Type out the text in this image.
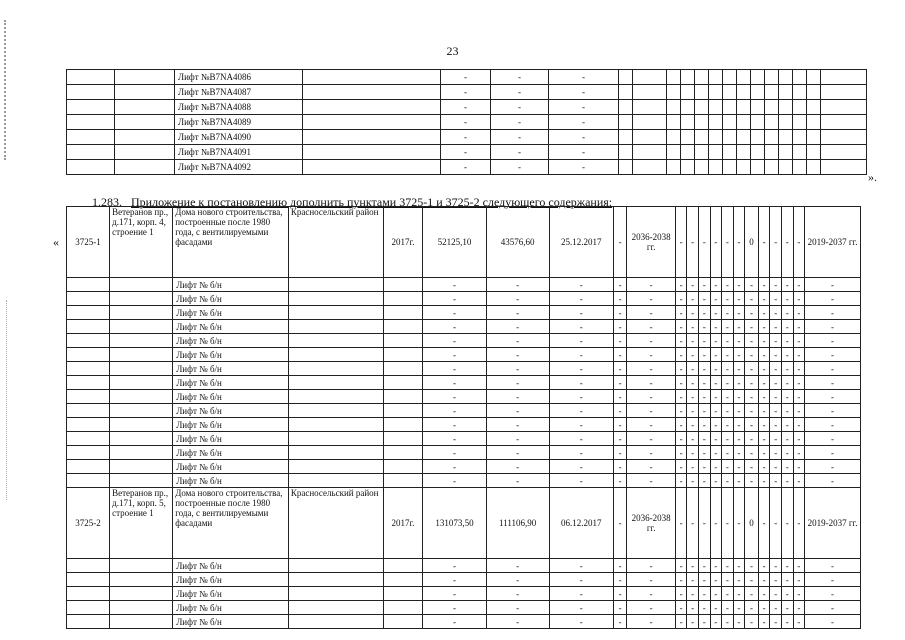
23
		Лифт №В7NA4086		-	-	-														
		Лифт №В7NA4087		-	-	-														
		Лифт №В7NA4088		-	-	-														
		Лифт №В7NA4089		-	-	-														
		Лифт №В7NA4090		-	-	-														
		Лифт №В7NA4091		-	-	-														
		Лифт №В7NA4092		-	-	-														
».
1.283. Приложение к постановлению дополнить пунктами 3725-1 и 3725-2 следующего содержания:
« 3725-1	Ветеранов пр., д.171, корп. 4, строение 1	Дома нового строительства, построенные после 1980 года, с вентилируемыми фасадами	Красносельский район	2017г.	52125,10	43576,60	25.12.2017	-	2036-2038 гг.	-	-	-	-	-	-	0	-	-	-	-	2019-2037 гг.
		Лифт № б/н			-	-	-	-	-	-	-	-	-	-	-	-	-	-	-	-	-
		Лифт № б/н			-	-	-	-	-	-	-	-	-	-	-	-	-	-	-	-	-
		Лифт № б/н			-	-	-	-	-	-	-	-	-	-	-	-	-	-	-	-	-
		Лифт № б/н			-	-	-	-	-	-	-	-	-	-	-	-	-	-	-	-	-
		Лифт № б/н			-	-	-	-	-	-	-	-	-	-	-	-	-	-	-	-	-
		Лифт № б/н			-	-	-	-	-	-	-	-	-	-	-	-	-	-	-	-	-
		Лифт № б/н			-	-	-	-	-	-	-	-	-	-	-	-	-	-	-	-	-
		Лифт № б/н			-	-	-	-	-	-	-	-	-	-	-	-	-	-	-	-	-
		Лифт № б/н			-	-	-	-	-	-	-	-	-	-	-	-	-	-	-	-	-
		Лифт № б/н			-	-	-	-	-	-	-	-	-	-	-	-	-	-	-	-	-
		Лифт № б/н			-	-	-	-	-	-	-	-	-	-	-	-	-	-	-	-	-
		Лифт № б/н			-	-	-	-	-	-	-	-	-	-	-	-	-	-	-	-	-
		Лифт № б/н			-	-	-	-	-	-	-	-	-	-	-	-	-	-	-	-	-
		Лифт № б/н			-	-	-	-	-	-	-	-	-	-	-	-	-	-	-	-	-
		Лифт № б/н			-	-	-	-	-	-	-	-	-	-	-	-	-	-	-	-	-
3725-2	Ветеранов пр., д.171, корп. 5, строение 1	Дома нового строительства, построенные после 1980 года, с вентилируемыми фасадами	Красносельский район	2017г.	131073,50	111106,90	06.12.2017	-	2036-2038 гг.	-	-	-	-	-	-	0	-	-	-	-	2019-2037 гг.
		Лифт № б/н			-	-	-	-	-	-	-	-	-	-	-	-	-	-	-	-	-
		Лифт № б/н			-	-	-	-	-	-	-	-	-	-	-	-	-	-	-	-	-
		Лифт № б/н			-	-	-	-	-	-	-	-	-	-	-	-	-	-	-	-	-
		Лифт № б/н			-	-	-	-	-	-	-	-	-	-	-	-	-	-	-	-	-
		Лифт № б/н			-	-	-	-	-	-	-	-	-	-	-	-	-	-	-	-	-
